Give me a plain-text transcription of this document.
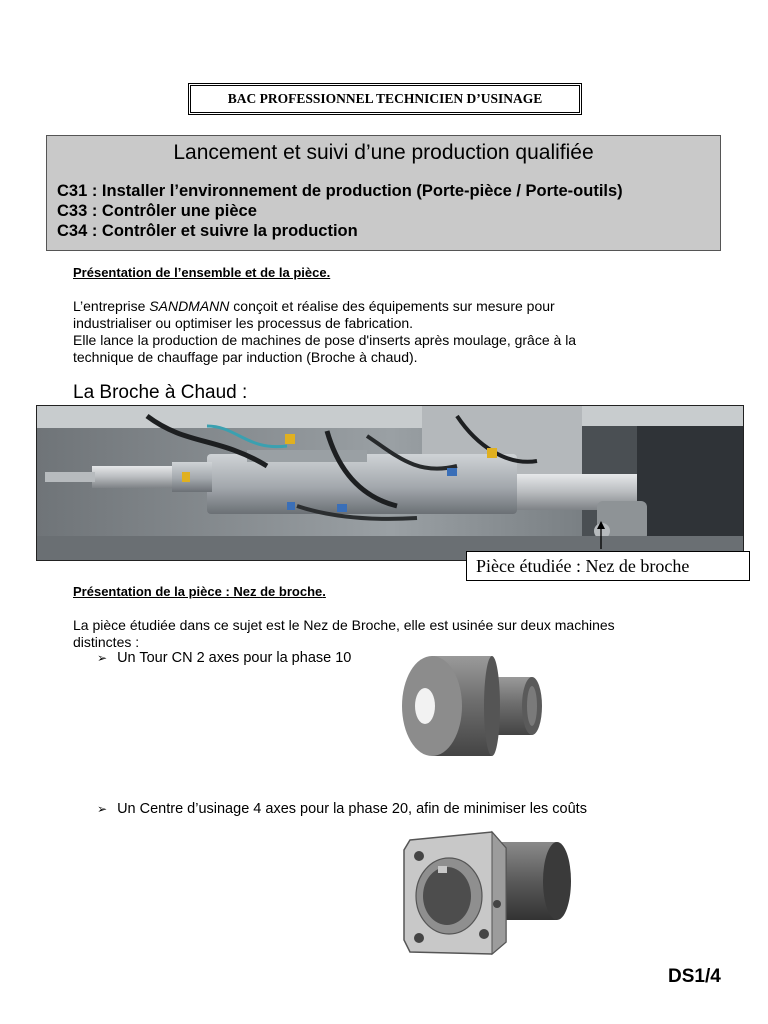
BAC PROFESSIONNEL TECHNICIEN D’USINAGE
Lancement et suivi d’une production qualifiée
C31 : Installer l’environnement de production (Porte-pièce / Porte-outils)
C33 : Contrôler une pièce
C34 : Contrôler et suivre la production
Présentation de l’ensemble et de la pièce.
L’entreprise SANDMANN conçoit et réalise des équipements sur mesure pour
industrialiser ou optimiser les processus de fabrication.
Elle lance la production de machines de pose d'inserts après moulage, grâce à la
technique de chauffage par induction (Broche à chaud).
La Broche à Chaud :
Pièce étudiée : Nez de broche
Présentation de la pièce : Nez de broche.
La pièce étudiée dans ce sujet est le Nez de Broche, elle est usinée sur deux machines
distinctes :
➢ Un Tour CN 2 axes pour la phase 10
➢ Un Centre d’usinage 4 axes pour la phase 20, afin de minimiser les coûts
DS1/4
